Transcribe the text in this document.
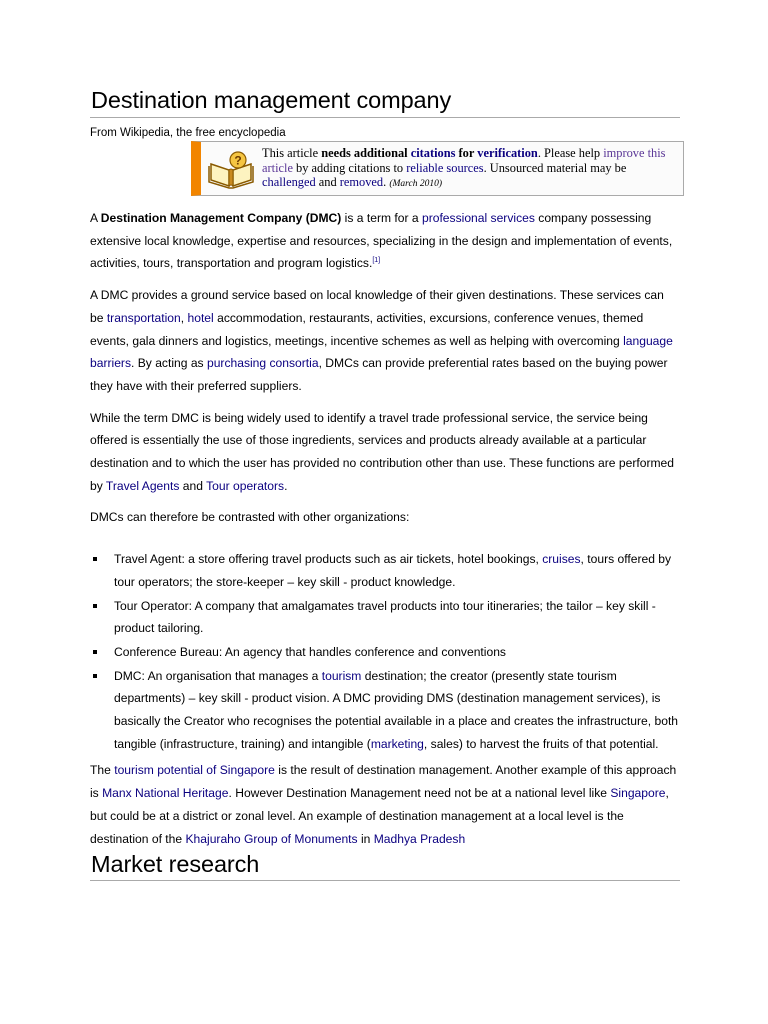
Destination management company
From Wikipedia, the free encyclopedia
?
This article needs additional citations for verification. Please help improve this article by adding citations to reliable sources. Unsourced material may be challenged and removed. (March 2010)

A Destination Management Company (DMC) is a term for a professional services company possessing extensive local knowledge, expertise and resources, specializing in the design and implementation of events, activities, tours, transportation and program logistics.[1]

A DMC provides a ground service based on local knowledge of their given destinations. These services can be transportation, hotel accommodation, restaurants, activities, excursions, conference venues, themed events, gala dinners and logistics, meetings, incentive schemes as well as helping with overcoming language barriers. By acting as purchasing consortia, DMCs can provide preferential rates based on the buying power they have with their preferred suppliers.

While the term DMC is being widely used to identify a travel trade professional service, the service being offered is essentially the use of those ingredients, services and products already available at a particular destination and to which the user has provided no contribution other than use. These functions are performed by Travel Agents and Tour operators.

DMCs can therefore be contrasted with other organizations:

Travel Agent: a store offering travel products such as air tickets, hotel bookings, cruises, tours offered by tour operators; the store-keeper – key skill - product knowledge.
Tour Operator: A company that amalgamates travel products into tour itineraries; the tailor – key skill - product tailoring.
Conference Bureau: An agency that handles conference and conventions
DMC: An organisation that manages a tourism destination; the creator (presently state tourism departments) – key skill - product vision. A DMC providing DMS (destination management services), is basically the Creator who recognises the potential available in a place and creates the infrastructure, both tangible (infrastructure, training) and intangible (marketing, sales) to harvest the fruits of that potential.

The tourism potential of Singapore is the result of destination management. Another example of this approach is Manx National Heritage. However Destination Management need not be at a national level like Singapore, but could be at a district or zonal level. An example of destination management at a local level is the destination of the Khajuraho Group of Monuments in Madhya Pradesh

Market research
